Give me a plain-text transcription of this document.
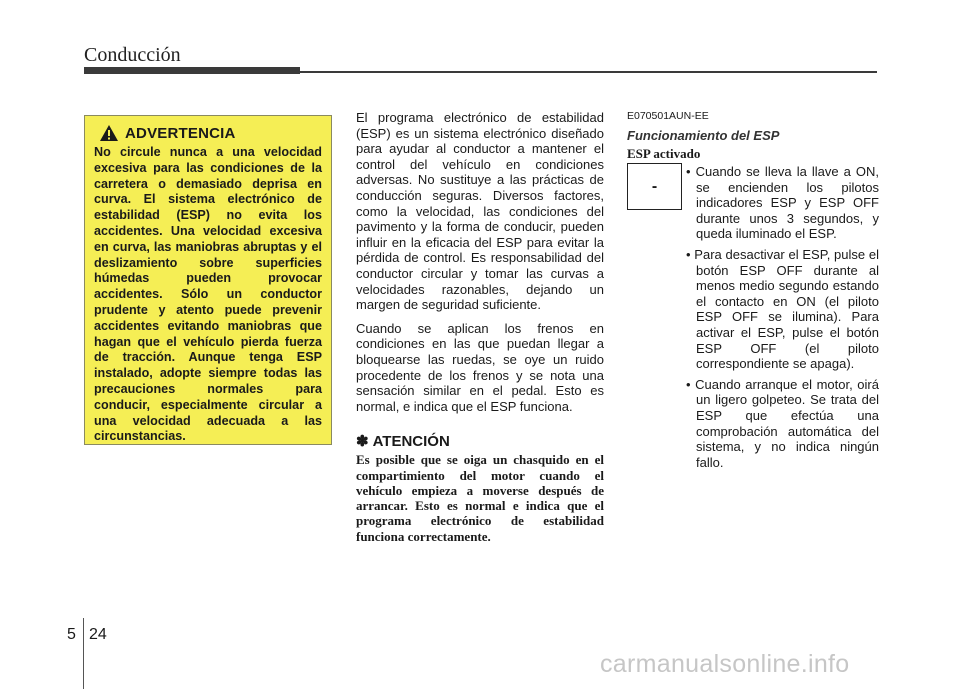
Conducción
ADVERTENCIA

No circule nunca a una velocidad excesiva para las condiciones de la carretera o demasiado deprisa en curva. El sistema electrónico de estabilidad (ESP) no evita los accidentes. Una velocidad excesiva en curva, las maniobras abruptas y el deslizamiento sobre superficies húmedas pueden provocar accidentes. Sólo un conductor prudente y atento puede prevenir accidentes evitando maniobras que hagan que el vehículo pierda fuerza de tracción. Aunque tenga ESP instalado, adopte siempre todas las precauciones normales para conducir, especialmente circular a una velocidad adecuada a las circunstancias.

El programa electrónico de estabilidad (ESP) es un sistema electrónico diseñado para ayudar al conductor a mantener el control del vehículo en condiciones adversas. No sustituye a las prácticas de conducción seguras. Diversos factores, como la velocidad, las condiciones del pavimento y la forma de conducir, pueden influir en la eficacia del ESP para evitar la pérdida de control. Es responsabilidad del conductor circular y tomar las curvas a velocidades razonables, dejando un margen de seguridad suficiente.

Cuando se aplican los frenos en condiciones en las que puedan llegar a bloquearse las ruedas, se oye un ruido procedente de los frenos y se nota una sensación similar en el pedal. Esto es normal, e indica que el ESP funciona.

✽ ATENCIÓN

Es posible que se oiga un chasquido en el compartimiento del motor cuando el vehículo empieza a moverse después de arrancar. Esto es normal e indica que el programa electrónico de estabilidad funciona correctamente.

E070501AUN-EE

Funcionamiento del ESP

ESP activado

-
• Cuando se lleva la llave a ON, se encienden los pilotos indicadores ESP y ESP OFF durante unos 3 segundos, y queda iluminado el ESP.
• Para desactivar el ESP, pulse el botón ESP OFF durante al menos medio segundo estando el contacto en ON (el piloto ESP OFF se ilumina). Para activar el ESP, pulse el botón ESP OFF (el piloto correspondiente se apaga).
• Cuando arranque el motor, oirá un ligero golpeteo. Se trata del ESP que efectúa una comprobación automática del sistema, y no indica ningún fallo.
5 24
carmanualsonline.info
